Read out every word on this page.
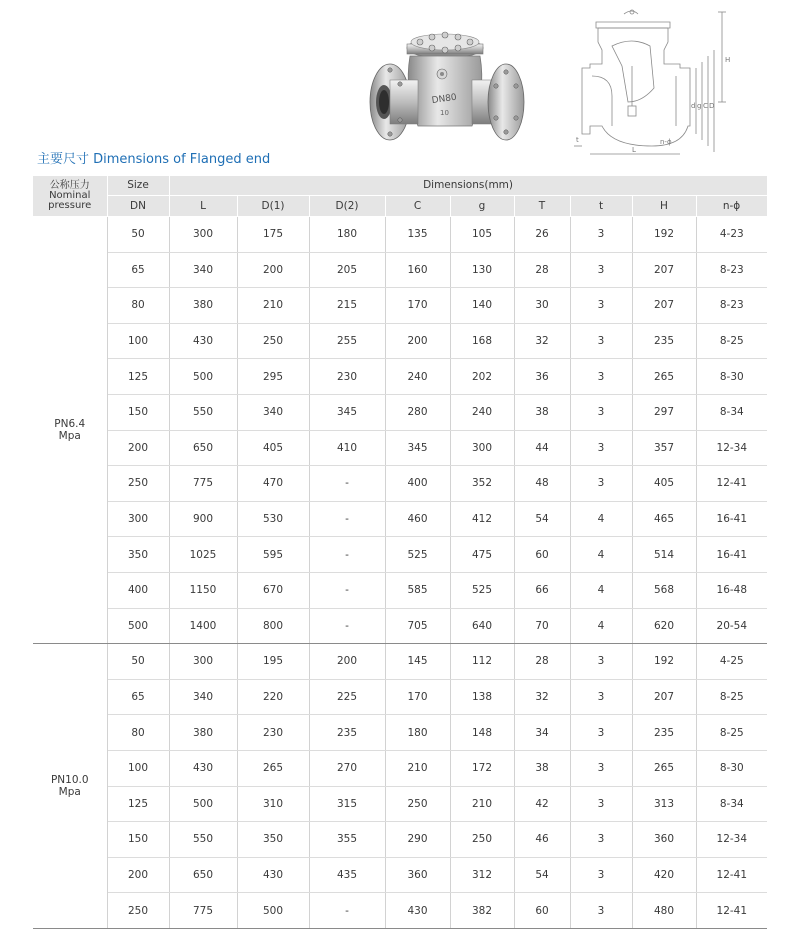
DN80
10
H
d g C D
n-ϕ
t
L
主要尺寸 Dimensions of Flanged end
公称压力
Nominal
pressure	Size	Dimensions(mm)								
	DN	L	D(1)	D(2)	C	g	T	t	H	n-ϕ

PN6.4
Mpa	50	300	175	180	135	105	26	3	192	4-23
	65	340	200	205	160	130	28	3	207	8-23
	80	380	210	215	170	140	30	3	207	8-23
	100	430	250	255	200	168	32	3	235	8-25
	125	500	295	230	240	202	36	3	265	8-30
	150	550	340	345	280	240	38	3	297	8-34
	200	650	405	410	345	300	44	3	357	12-34
	250	775	470	-	400	352	48	3	405	12-41
	300	900	530	-	460	412	54	4	465	16-41
	350	1025	595	-	525	475	60	4	514	16-41
	400	1150	670	-	585	525	66	4	568	16-48
	500	1400	800	-	705	640	70	4	620	20-54

PN10.0
Mpa	50	300	195	200	145	112	28	3	192	4-25
	65	340	220	225	170	138	32	3	207	8-25
	80	380	230	235	180	148	34	3	235	8-25
	100	430	265	270	210	172	38	3	265	8-30
	125	500	310	315	250	210	42	3	313	8-34
	150	550	350	355	290	250	46	3	360	12-34
	200	650	430	435	360	312	54	3	420	12-41
	250	775	500	-	430	382	60	3	480	12-41
